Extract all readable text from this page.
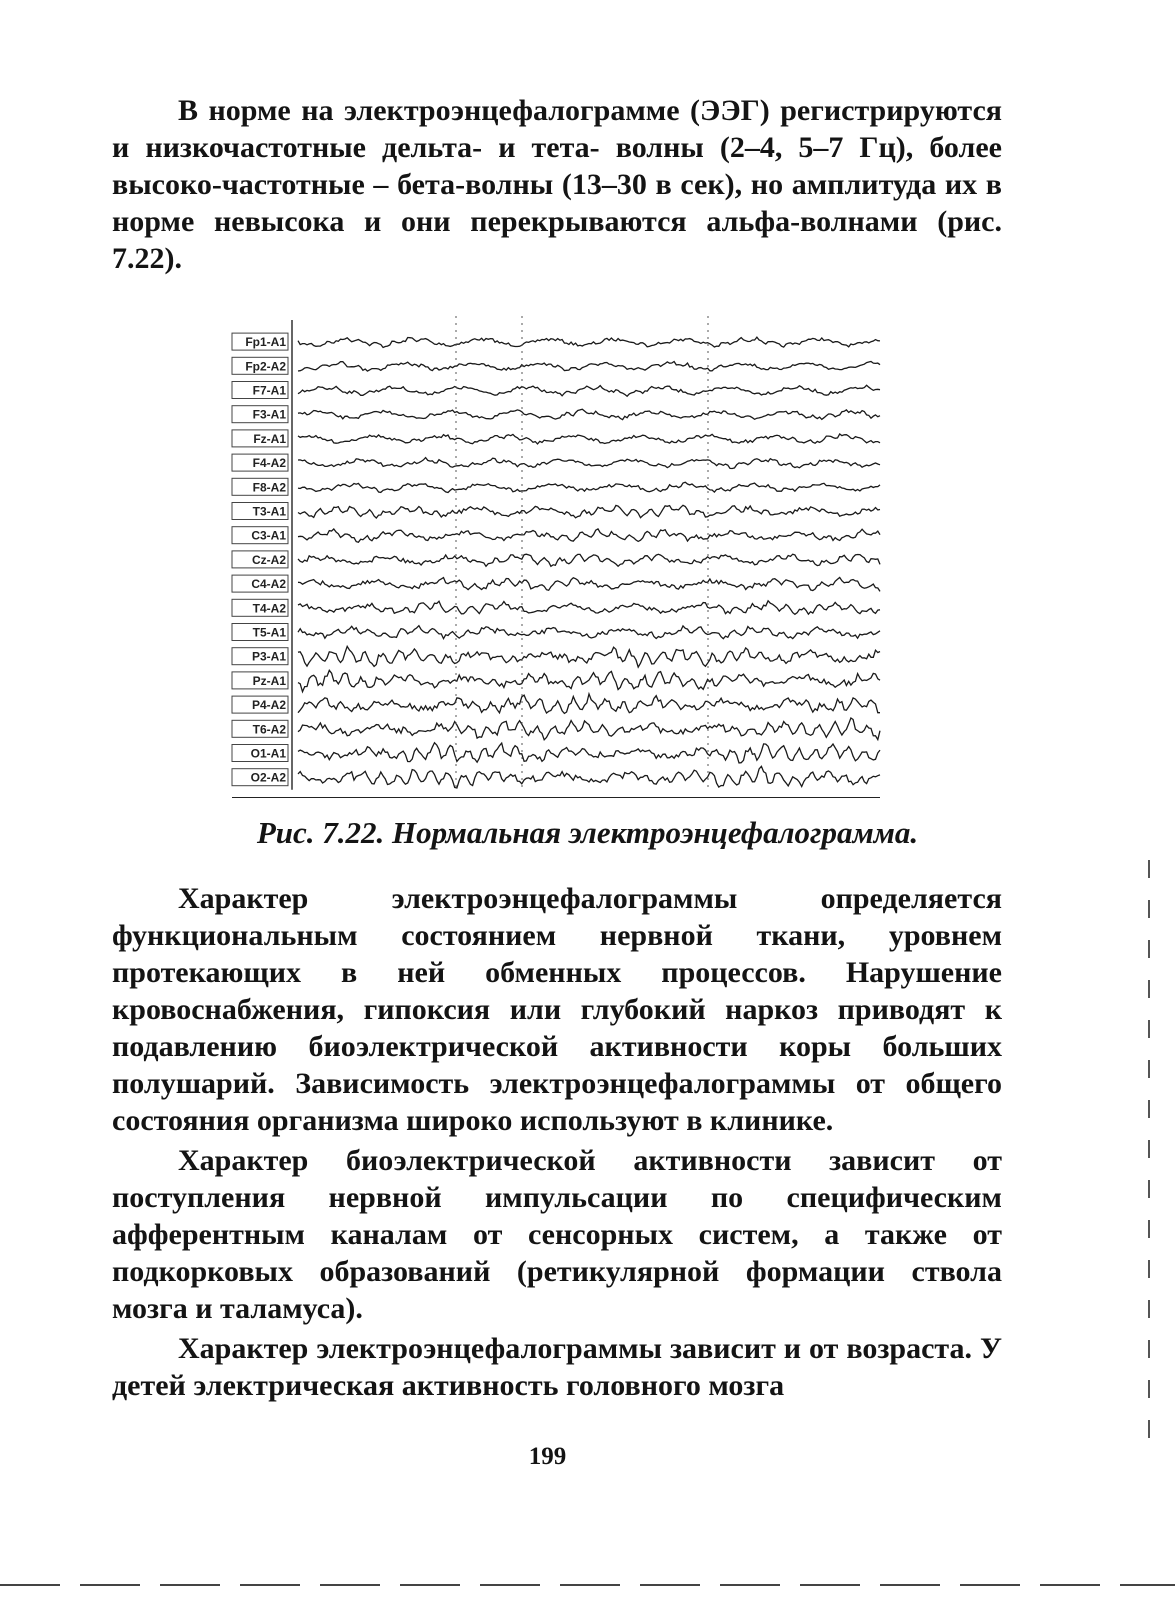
В норме на электроэнцефалограмме (ЭЭГ) регистрируются и низкочастотные дельта- и тета- волны (2–4, 5–7 Гц), более высоко-частотные – бета-волны (13–30 в сек), но амплитуда их в норме невысока и они перекрываются альфа-волнами (рис. 7.22).

Fp1-A1
Fp2-A2
F7-A1
F3-A1
Fz-A1
F4-A2
F8-A2
T3-A1
C3-A1
Cz-A2
C4-A2
T4-A2
T5-A1
P3-A1
Pz-A1
P4-A2
T6-A2
O1-A1
O2-A2

Рис. 7.22. Нормальная электроэнцефалограмма.

Характер электроэнцефалограммы определяется функциональным состоянием нервной ткани, уровнем протекающих в ней обменных процессов. Нарушение кровоснабжения, гипоксия или глубокий наркоз приводят к подавлению биоэлектрической активности коры больших полушарий. Зависимость электроэнцефалограммы от общего состояния организма широко используют в клинике.

Характер биоэлектрической активности зависит от поступления нервной импульсации по специфическим афферентным каналам от сенсорных систем, а также от подкорковых образований (ретикулярной формации ствола мозга и таламуса).

Характер электроэнцефалограммы зависит и от возраста. У детей электрическая активность головного мозга

199
